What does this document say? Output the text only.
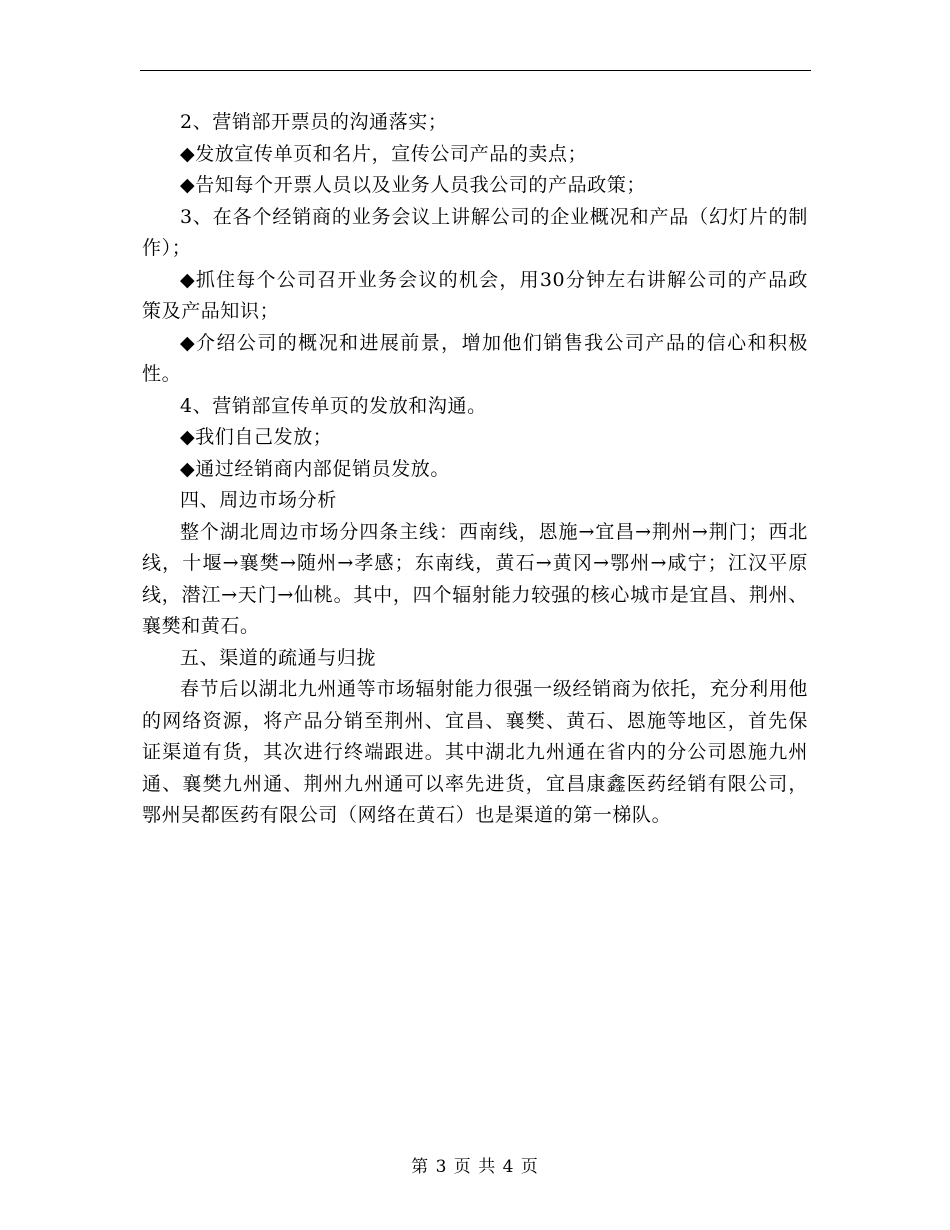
2、营销部开票员的沟通落实；

◆发放宣传单页和名片，宣传公司产品的卖点；

◆告知每个开票人员以及业务人员我公司的产品政策；

3、在各个经销商的业务会议上讲解公司的企业概况和产品（幻灯片的制作）；

◆抓住每个公司召开业务会议的机会，用30分钟左右讲解公司的产品政策及产品知识；

◆介绍公司的概况和进展前景，增加他们销售我公司产品的信心和积极性。

4、营销部宣传单页的发放和沟通。

◆我们自己发放；

◆通过经销商内部促销员发放。

四、周边市场分析

整个湖北周边市场分四条主线：西南线，恩施→宜昌→荆州→荆门；西北线，十堰→襄樊→随州→孝感；东南线，黄石→黄冈→鄂州→咸宁；江汉平原线，潜江→天门→仙桃。其中，四个辐射能力较强的核心城市是宜昌、荆州、襄樊和黄石。

五、渠道的疏通与归拢

春节后以湖北九州通等市场辐射能力很强一级经销商为依托，充分利用他的网络资源，将产品分销至荆州、宜昌、襄樊、黄石、恩施等地区，首先保证渠道有货，其次进行终端跟进。其中湖北九州通在省内的分公司恩施九州通、襄樊九州通、荆州九州通可以率先进货，宜昌康鑫医药经销有限公司，鄂州吴都医药有限公司（网络在黄石）也是渠道的第一梯队。

第 3 页 共 4 页
